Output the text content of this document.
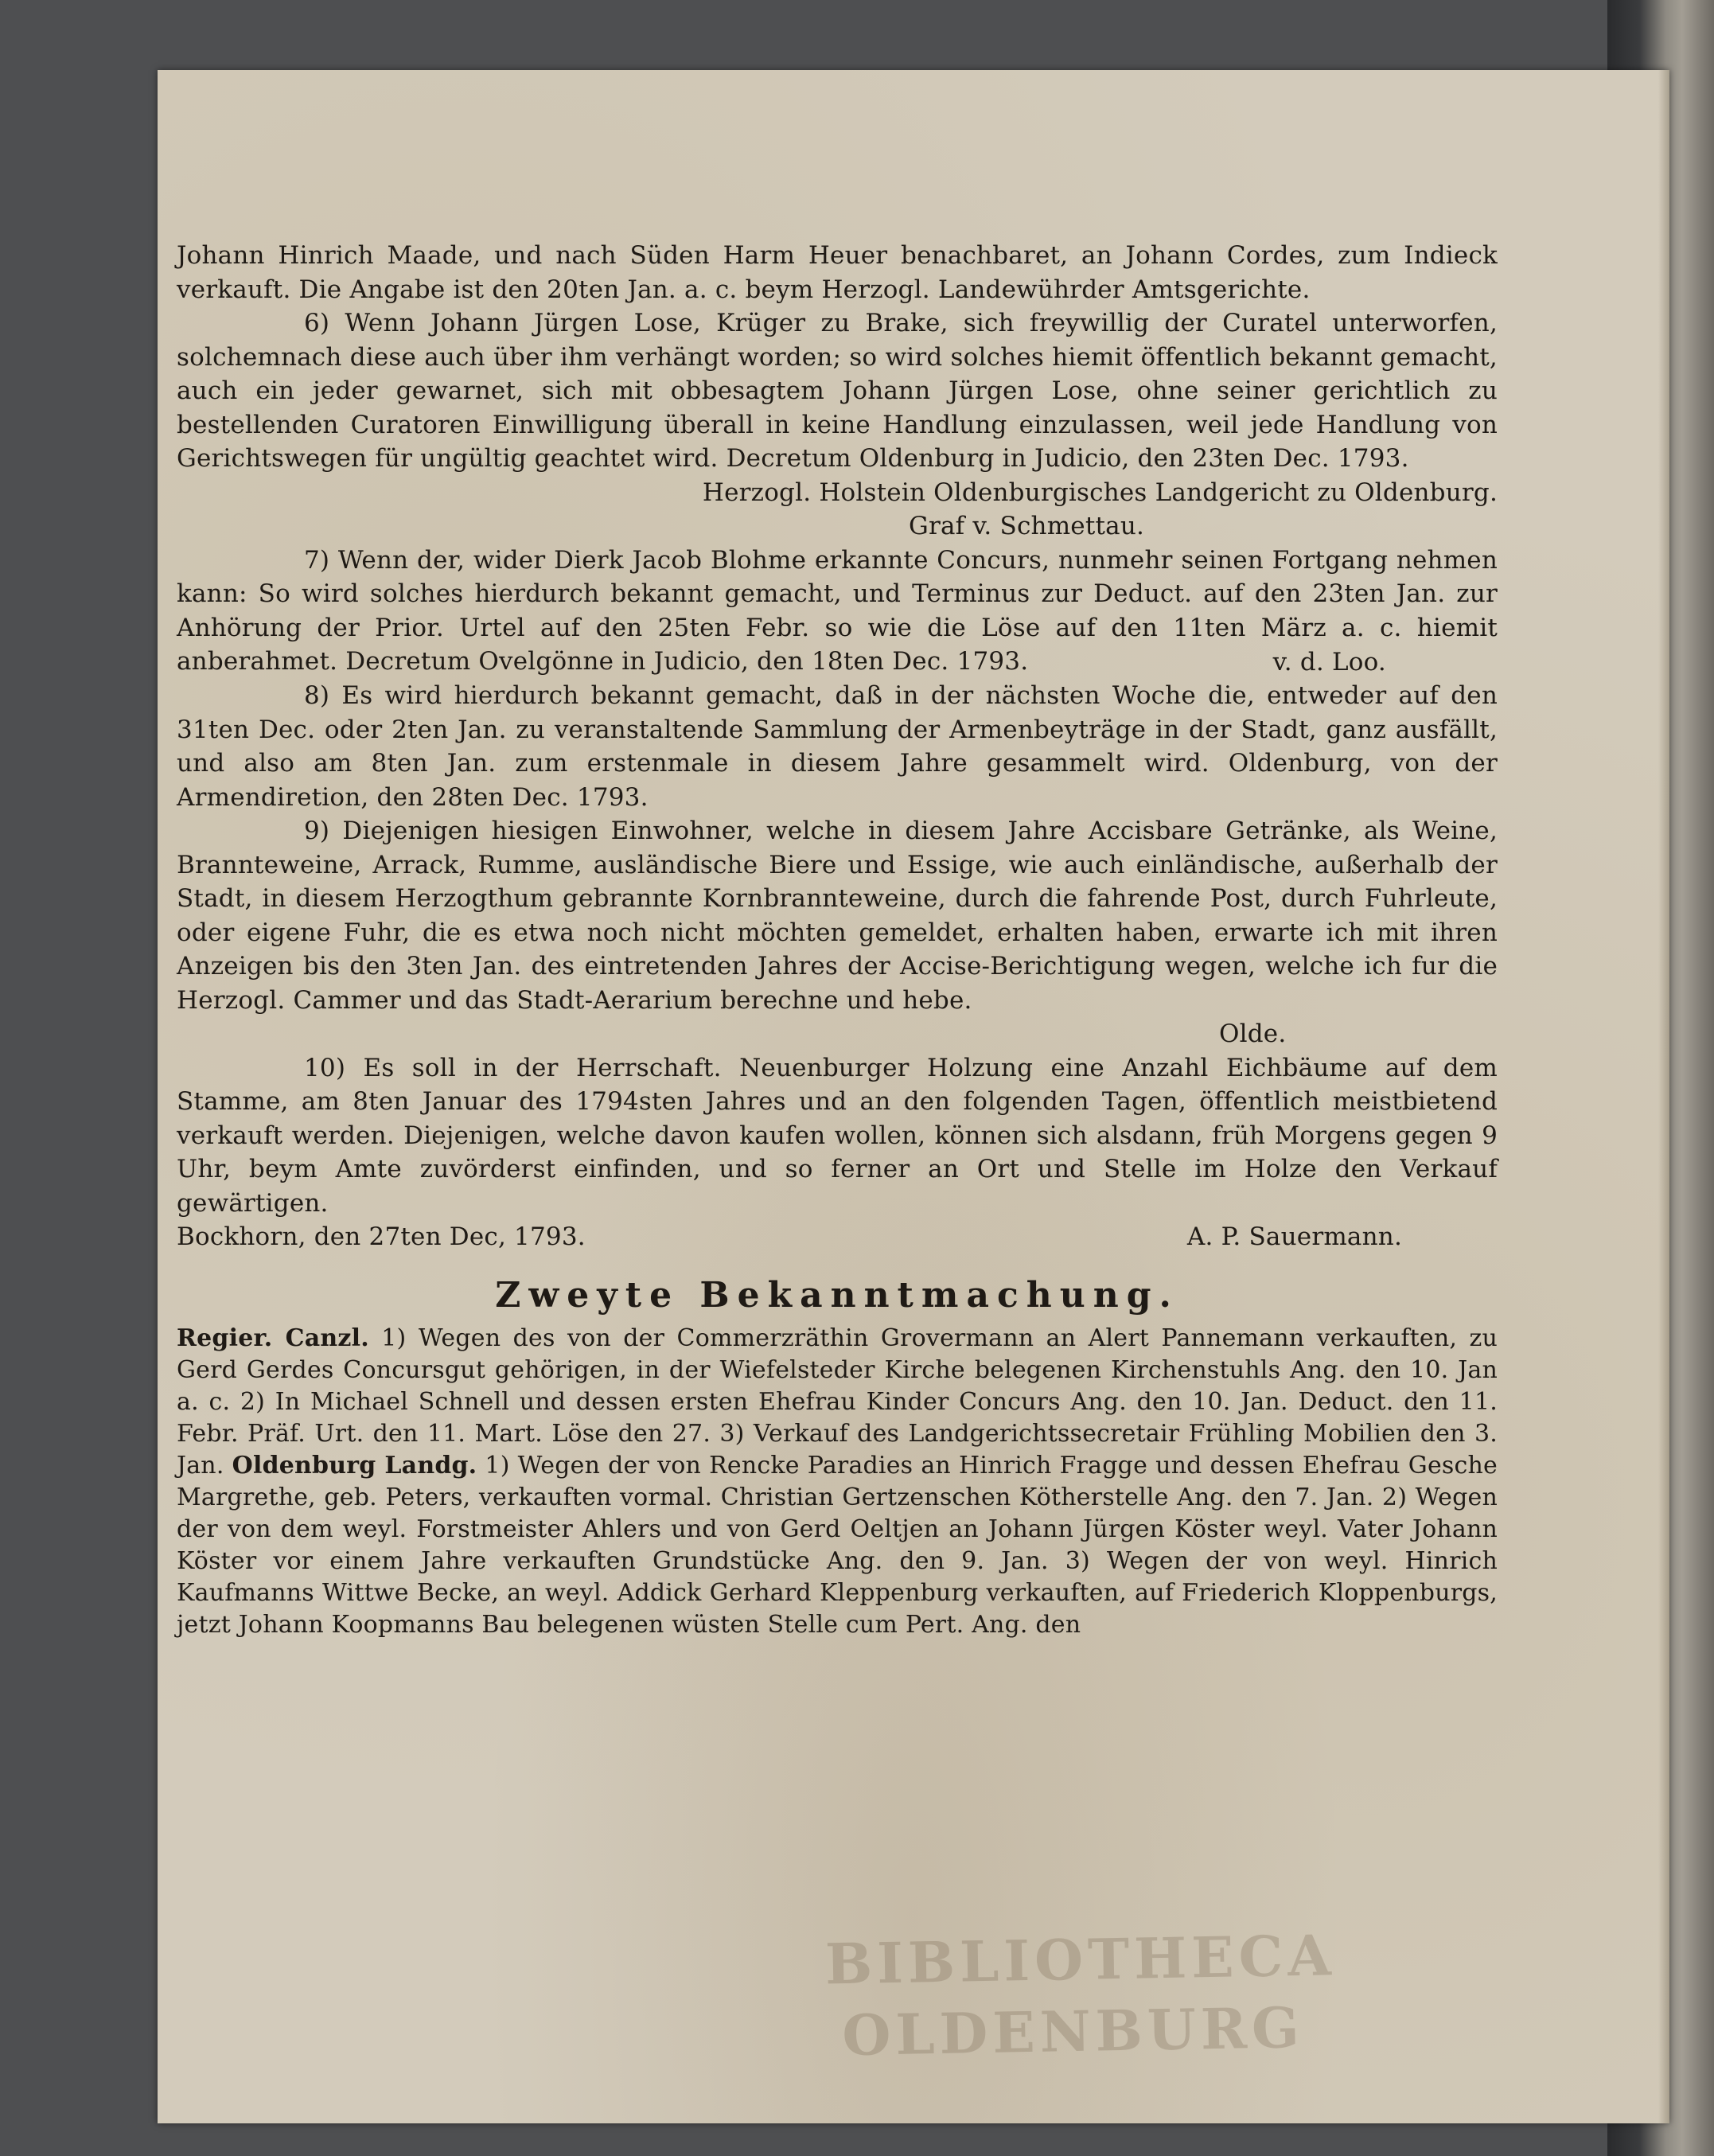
BIBLIOTHECA
OLDENBURG

Johann Hinrich Maade, und nach Süden Harm Heuer benachbaret, an Johann Cordes, zum Indieck verkauft. Die Angabe ist den 20ten Jan. a. c. beym Herzogl. Landewührder Amtsgerichte.

6) Wenn Johann Jürgen Lose, Krüger zu Brake, sich freywillig der Curatel unterworfen, solchemnach diese auch über ihm verhängt worden; so wird solches hiemit öffentlich bekannt gemacht, auch ein jeder gewarnet, sich mit obbesagtem Johann Jürgen Lose, ohne seiner gerichtlich zu bestellenden Curatoren Einwilligung überall in keine Handlung einzulassen, weil jede Handlung von Gerichtswegen für ungültig geachtet wird. Decretum Oldenburg in Judicio, den 23ten Dec. 1793.

Herzogl. Holstein Oldenburgisches Landgericht zu Oldenburg.

Graf v. Schmettau.

7) Wenn der, wider Dierk Jacob Blohme erkannte Concurs, nunmehr seinen Fortgang nehmen kann: So wird solches hierdurch bekannt gemacht, und Terminus zur Deduct. auf den 23ten Jan. zur Anhörung der Prior. Urtel auf den 25ten Febr. so wie die Löse auf den 11ten März a. c. hiemit anberahmet. Decretum Ovelgönne in Judicio, den 18ten Dec. 1793.	v. d. Loo.

8) Es wird hierdurch bekannt gemacht, daß in der nächsten Woche die, entweder auf den 31ten Dec. oder 2ten Jan. zu veranstaltende Sammlung der Armenbeyträge in der Stadt, ganz ausfällt, und also am 8ten Jan. zum erstenmale in diesem Jahre gesammelt wird. Oldenburg, von der Armendiretion, den 28ten Dec. 1793.

9) Diejenigen hiesigen Einwohner, welche in diesem Jahre Accisbare Getränke, als Weine, Brannteweine, Arrack, Rumme, ausländische Biere und Essige, wie auch einländische, außerhalb der Stadt, in diesem Herzogthum gebrannte Kornbrannteweine, durch die fahrende Post, durch Fuhrleute, oder eigene Fuhr, die es etwa noch nicht möchten gemeldet, erhalten haben, erwarte ich mit ihren Anzeigen bis den 3ten Jan. des eintretenden Jahres der Accise-Berichtigung wegen, welche ich fur die Herzogl. Cammer und das Stadt-Aerarium berechne und hebe.

Olde.

10) Es soll in der Herrschaft. Neuenburger Holzung eine Anzahl Eichbäume auf dem Stamme, am 8ten Januar des 1794sten Jahres und an den folgenden Tagen, öffentlich meistbietend verkauft werden. Diejenigen, welche davon kaufen wollen, können sich alsdann, früh Morgens gegen 9 Uhr, beym Amte zuvörderst einfinden, und so ferner an Ort und Stelle im Holze den Verkauf gewärtigen.

Bockhorn, den 27ten Dec, 1793.	A. P. Sauermann.
Zweyte Bekanntmachung.

Regier. Canzl. 1) Wegen des von der Commerzräthin Grovermann an Alert Pannemann verkauften, zu Gerd Gerdes Concursgut gehörigen, in der Wiefelsteder Kirche belegenen Kirchenstuhls Ang. den 10. Jan a. c. 2) In Michael Schnell und dessen ersten Ehefrau Kinder Concurs Ang. den 10. Jan. Deduct. den 11. Febr. Präf. Urt. den 11. Mart. Löse den 27. 3) Verkauf des Landgerichtssecretair Frühling Mobilien den 3. Jan. Oldenburg Landg. 1) Wegen der von Rencke Paradies an Hinrich Fragge und dessen Ehefrau Gesche Margrethe, geb. Peters, verkauften vormal. Christian Gertzenschen Kötherstelle Ang. den 7. Jan. 2) Wegen der von dem weyl. Forstmeister Ahlers und von Gerd Oeltjen an Johann Jürgen Köster weyl. Vater Johann Köster vor einem Jahre verkauften Grundstücke Ang. den 9. Jan. 3) Wegen der von weyl. Hinrich Kaufmanns Wittwe Becke, an weyl. Addick Gerhard Kleppenburg verkauften, auf Friederich Kloppenburgs, jetzt Johann Koopmanns Bau belegenen wüsten Stelle cum Pert. Ang. den
